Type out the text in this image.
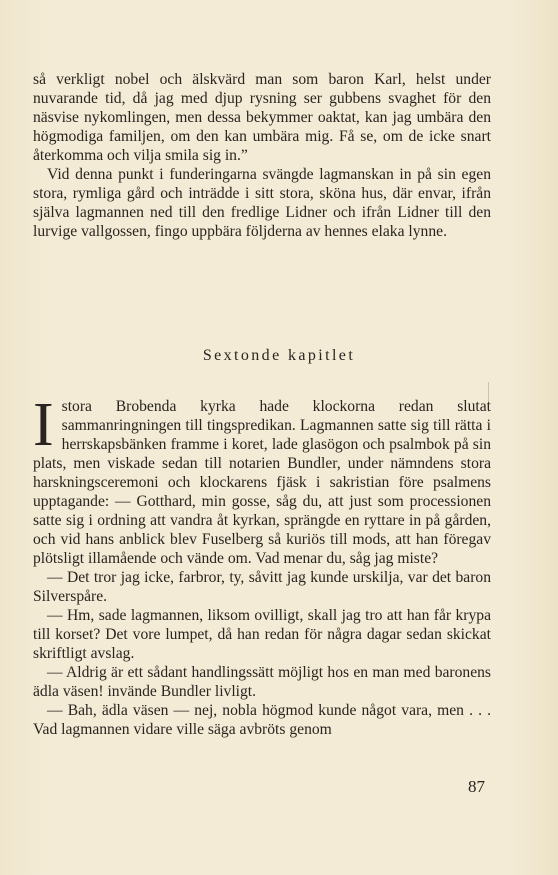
så verkligt nobel och älskvärd man som baron Karl, helst under nuvarande tid, då jag med djup rysning ser gubbens svaghet för den näsvise nykomlingen, men dessa bekymmer oaktat, kan jag umbära den högmodiga familjen, om den kan umbära mig. Få se, om de icke snart återkomma och vilja smila sig in.”

Vid denna punkt i funderingarna svängde lagmanskan in på sin egen stora, rymliga gård och inträdde i sitt stora, sköna hus, där envar, ifrån själva lagmannen ned till den fredlige Lidner och ifrån Lidner till den lurvige vallgossen, fingo uppbära följderna av hennes elaka lynne.

Sextonde kapitlet

Istora Brobenda kyrka hade klockorna redan slutat sammanringningen till tingspredikan. Lagmannen satte sig till rätta i herrskapsbänken framme i koret, lade glasögon och psalmbok på sin plats, men viskade sedan till notarien Bundler, under nämndens stora harskningsceremoni och klockarens fjäsk i sakristian före psalmens upptagande: — Gotthard, min gosse, såg du, att just som processionen satte sig i ordning att vandra åt kyrkan, sprängde en ryttare in på gården, och vid hans anblick blev Fuselberg så kuriös till mods, att han föregav plötsligt illamående och vände om. Vad menar du, såg jag miste?

— Det tror jag icke, farbror, ty, såvitt jag kunde urskilja, var det baron Silverspåre.

— Hm, sade lagmannen, liksom ovilligt, skall jag tro att han får krypa till korset? Det vore lumpet, då han redan för några dagar sedan skickat skriftligt avslag.

— Aldrig är ett sådant handlingssätt möjligt hos en man med baronens ädla väsen! invände Bundler livligt.

— Bah, ädla väsen — nej, nobla högmod kunde något vara, men . . . Vad lagmannen vidare ville säga avbröts genom

87
